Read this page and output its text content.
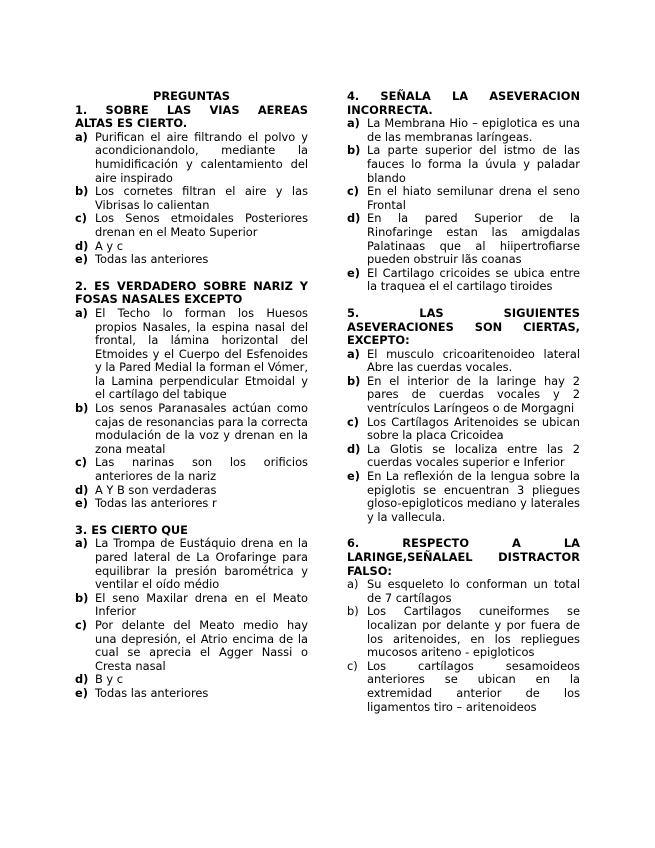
PREGUNTAS
1. SOBRE LAS VIAS AEREAS
ALTAS ES CIERTO.
a) Purifican el aire filtrando el polvo y acondicionandolo, mediante la humidificación y calentamiento del aire inspirado
b) Los cornetes filtran el aire y las Vibrisas lo calientan
c) Los Senos etmoidales Posteriores drenan en el Meato Superior
d) A y c
e) Todas las anteriores
2. ES VERDADERO SOBRE NARIZ Y
FOSAS NASALES EXCEPTO
a) El Techo lo forman los Huesos propios Nasales, la espina nasal del frontal, la lámina horizontal del Etmoides y el Cuerpo del Esfenoides y la Pared Medial la forman el Vómer, la Lamina perpendicular Etmoidal y el cartílago del tabique
b) Los senos Paranasales actúan como cajas de resonancias para la correcta modulación de la voz y drenan en la zona meatal
c) Las narinas son los orificios anteriores de la nariz
d) A Y B son verdaderas
e) Todas las anteriores r
3. ES CIERTO QUE
a) La Trompa de Eustáquio drena en la pared lateral de La Orofaringe para equilibrar la presión barométrica y ventilar el oído médio
b) El seno Maxilar drena en el Meato Inferior
c) Por delante del Meato medio hay una depresión, el Atrio encima de la cual se aprecia el Agger Nassi o Cresta nasal
d) B y c
e) Todas las anteriores
4. SEÑALA LA ASEVERACION
INCORRECTA.
a) La Membrana Hio – epiglotica es una de las membranas laríngeas.
b) La parte superior del istmo de las fauces lo forma la úvula y paladar blando
c) En el hiato semilunar drena el seno Frontal
d) En la pared Superior de la Rinofaringe estan las amigdalas Palatinaas que al hiipertrofiarse pueden obstruir lãs coanas
e) El Cartilago cricoides se ubica entre la traquea el el cartilago tiroides
5. LAS SIGUIENTES
ASEVERACIONES SON CIERTAS,
EXCEPTO:
a) El musculo cricoaritenoideo lateral Abre las cuerdas vocales.
b) En el interior de la laringe hay 2 pares de cuerdas vocales y 2 ventrículos Laríngeos o de Morgagni
c) Los Cartílagos Aritenoides se ubican sobre la placa Cricoidea
d) La Glotis se localiza entre las 2 cuerdas vocales superior e Inferior
e) En La reflexión de la lengua sobre la epiglotis se encuentran 3 pliegues gloso-epigloticos mediano y laterales y la vallecula.
6. RESPECTO A LA
LARINGE,SEÑALAEL DISTRACTOR
FALSO:
a) Su esqueleto lo conforman un total de 7 cartílagos
b) Los Cartilagos cuneiformes se localizan por delante y por fuera de los aritenoides, en los repliegues mucosos ariteno - epigloticos
c) Los cartílagos sesamoideos anteriores se ubican en la extremidad anterior de los ligamentos tiro – aritenoideos
